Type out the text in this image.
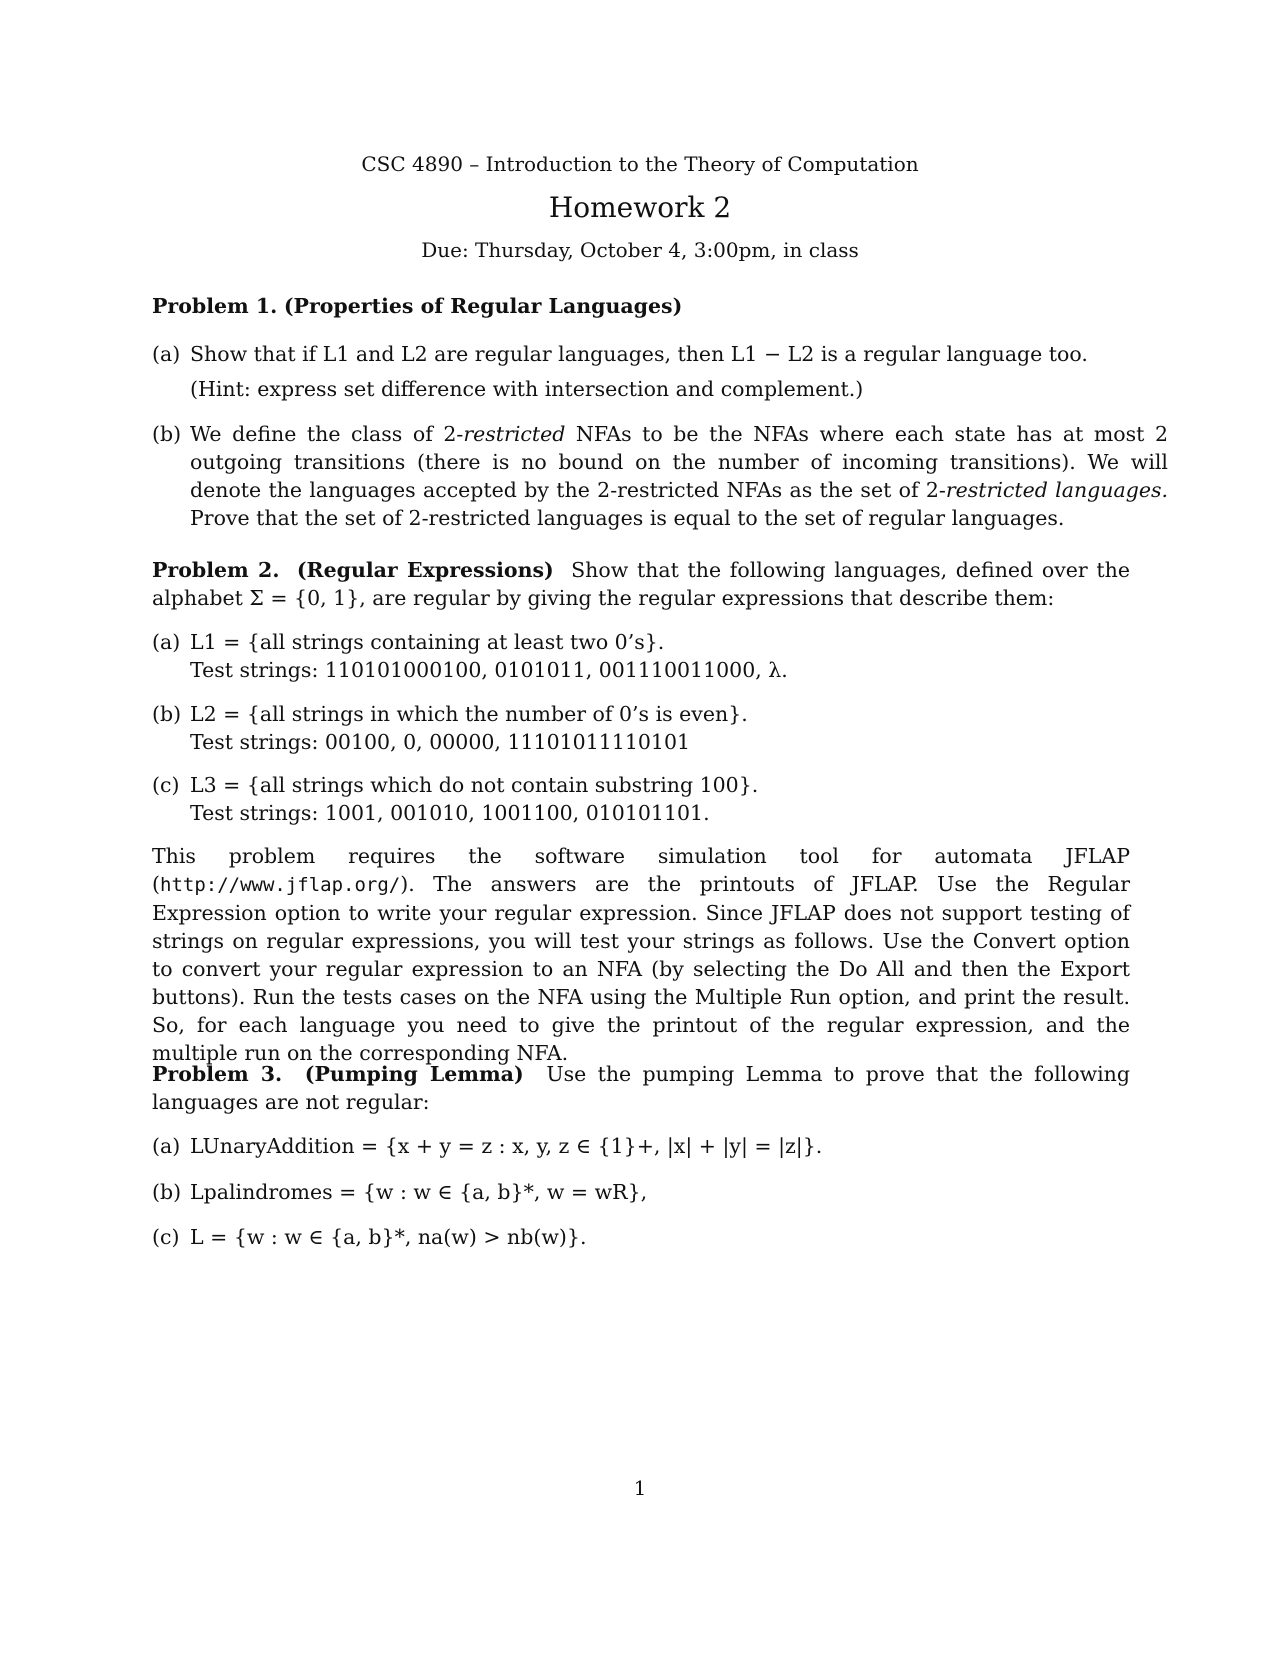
CSC 4890 – Introduction to the Theory of Computation
Homework 2
Due: Thursday, October 4, 3:00pm, in class
Problem 1. (Properties of Regular Languages)
(a) Show that if L1 and L2 are regular languages, then L1 − L2 is a regular language too.
(Hint: express set difference with intersection and complement.)
(b) We define the class of 2-restricted NFAs to be the NFAs where each state has at most 2 outgoing transitions (there is no bound on the number of incoming transitions). We will denote the languages accepted by the 2-restricted NFAs as the set of 2-restricted languages. Prove that the set of 2-restricted languages is equal to the set of regular languages.
Problem 2. (Regular Expressions) Show that the following languages, defined over the alphabet Σ = {0, 1}, are regular by giving the regular expressions that describe them:
(a) L1 = {all strings containing at least two 0’s}.
Test strings: 110101000100, 0101011, 001110011000, λ.
(b) L2 = {all strings in which the number of 0’s is even}.
Test strings: 00100, 0, 00000, 11101011110101
(c) L3 = {all strings which do not contain substring 100}.
Test strings: 1001, 001010, 1001100, 010101101.
This problem requires the software simulation tool for automata JFLAP (http://www.jflap.org/). The answers are the printouts of JFLAP. Use the Regular Expression option to write your regular expression. Since JFLAP does not support testing of strings on regular expressions, you will test your strings as follows. Use the Convert option to convert your regular expression to an NFA (by selecting the Do All and then the Export buttons). Run the tests cases on the NFA using the Multiple Run option, and print the result. So, for each language you need to give the printout of the regular expression, and the multiple run on the corresponding NFA.
Problem 3. (Pumping Lemma) Use the pumping Lemma to prove that the following languages are not regular:
(a) LUnaryAddition = {x + y = z : x, y, z ∈ {1}+, |x| + |y| = |z|}.
(b) Lpalindromes = {w : w ∈ {a, b}*, w = wR},
(c) L = {w : w ∈ {a, b}*, na(w) > nb(w)}.
1
